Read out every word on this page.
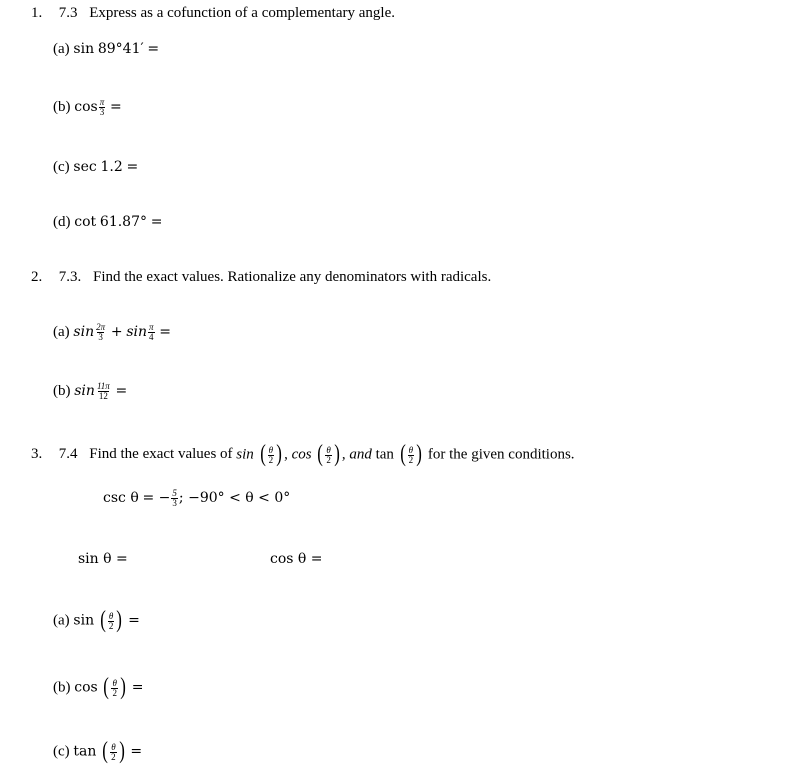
1. 7.3 Express as a cofunction of a complementary angle.
(a) sin 89°41′ =
(b) $\cos \frac{\pi}{3}$ =
(c) sec 1.2 =
(d) cot 61.87° =
2. 7.3. Find the exact values. Rationalize any denominators with radicals.
(a) $\sin \frac{2\pi}{3} + \sin \frac{\pi}{4}$ =
(b) $\sin \frac{11\pi}{12}$ =
3. 7.4 Find the exact values of sin ( $\frac{\theta}{2}$ ) , cos ( $\frac{\theta}{2}$ ) , and tan ( $\frac{\theta}{2}$ ) for the given conditions.
csc θ = − $\frac{5}{3}$ ; −90° < θ < 0°
sin θ =	cos θ =
(a) sin ( $\frac{\theta}{2}$ ) =
(b) cos ( $\frac{\theta}{2}$ ) =
(c) tan ( $\frac{\theta}{2}$ ) =
